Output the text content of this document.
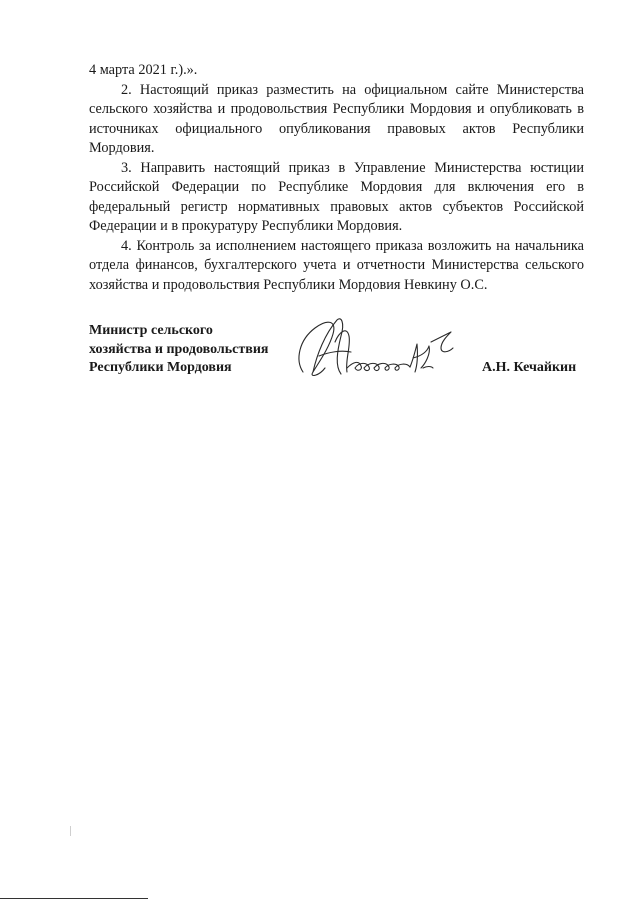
4 марта 2021 г.).».

2. Настоящий приказ разместить на официальном сайте Министерства сельского хозяйства и продовольствия Республики Мордовия и опубликовать в источниках официального опубликования правовых актов Республики Мордовия.

3. Направить настоящий приказ в Управление Министерства юстиции Российской Федерации по Республике Мордовия для включения его в федеральный регистр нормативных правовых актов субъектов Российской Федерации и в прокуратуру Республики Мордовия.

4. Контроль за исполнением настоящего приказа возложить на начальника отдела финансов, бухгалтерского учета и отчетности Министерства сельского хозяйства и продовольствия Республики Мордовия Невкину О.С.

Министр сельского
хозяйства и продовольствия
Республики Мордовия	А.Н. Кечайкин
